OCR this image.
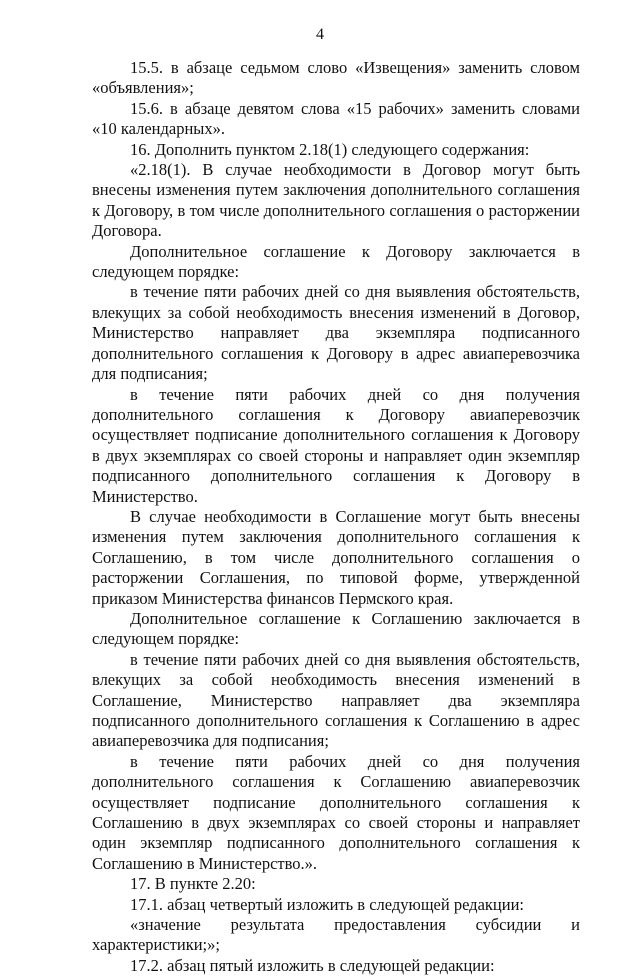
4

15.5. в абзаце седьмом слово «Извещения» заменить словом «объявления»;

15.6. в абзаце девятом слова «15 рабочих» заменить словами «10 календарных».

16. Дополнить пунктом 2.18(1) следующего содержания:

«2.18(1). В случае необходимости в Договор могут быть внесены изменения путем заключения дополнительного соглашения к Договору, в том числе дополнительного соглашения о расторжении Договора.

Дополнительное соглашение к Договору заключается в следующем порядке:

в течение пяти рабочих дней со дня выявления обстоятельств, влекущих за собой необходимость внесения изменений в Договор, Министерство направляет два экземпляра подписанного дополнительного соглашения к Договору в адрес авиаперевозчика для подписания;

в течение пяти рабочих дней со дня получения дополнительного соглашения к Договору авиаперевозчик осуществляет подписание дополнительного соглашения к Договору в двух экземплярах со своей стороны и направляет один экземпляр подписанного дополнительного соглашения к Договору в Министерство.

В случае необходимости в Соглашение могут быть внесены изменения путем заключения дополнительного соглашения к Соглашению, в том числе дополнительного соглашения о расторжении Соглашения, по типовой форме, утвержденной приказом Министерства финансов Пермского края.

Дополнительное соглашение к Соглашению заключается в следующем порядке:

в течение пяти рабочих дней со дня выявления обстоятельств, влекущих за собой необходимость внесения изменений в Соглашение, Министерство направляет два экземпляра подписанного дополнительного соглашения к Соглашению в адрес авиаперевозчика для подписания;

в течение пяти рабочих дней со дня получения дополнительного соглашения к Соглашению авиаперевозчик осуществляет подписание дополнительного соглашения к Соглашению в двух экземплярах со своей стороны и направляет один экземпляр подписанного дополнительного соглашения к Соглашению в Министерство.».

17. В пункте 2.20:

17.1. абзац четвертый изложить в следующей редакции:

«значение результата предоставления субсидии и характеристики;»;

17.2. абзац пятый изложить в следующей редакции:
